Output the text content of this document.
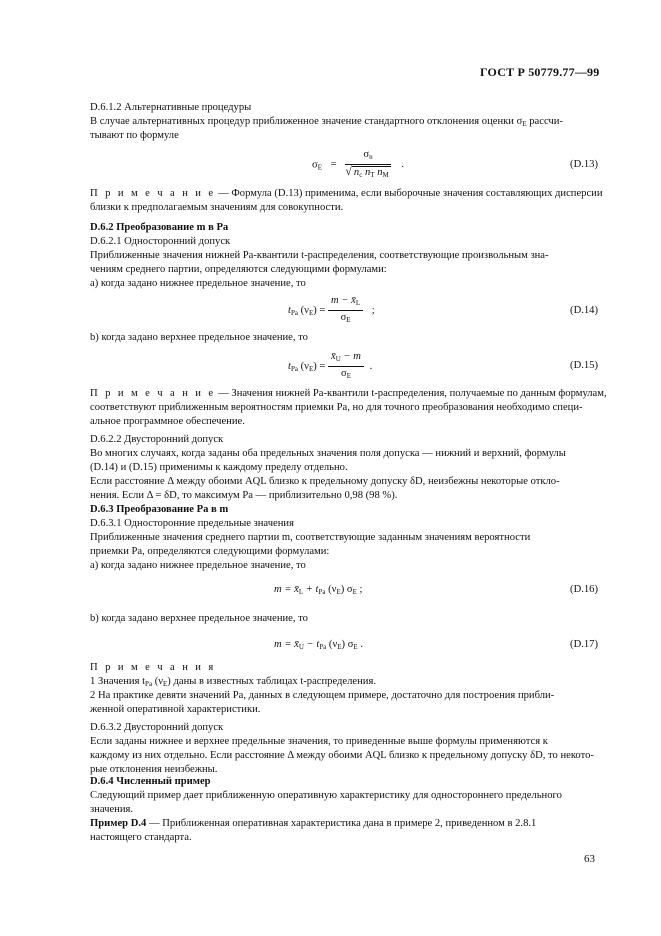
ГОСТ Р 50779.77—99
D.6.1.2 Альтернативные процедуры
В случае альтернативных процедур приближенное значение стандартного отклонения оценки $\sigma_E$ рассчи-
тывают по формуле
$\sigma_E = \frac{\sigma_n}{√ n_c n_T n_M}$ .	(D.13)
П р и м е ч а н и е — Формула (D.13) применима, если выборочные значения составляющих дисперсии
близки к предполагаемым значениям для совокупности.
D.6.2 Преобразование m в Pa
D.6.2.1 Односторонний допуск
Приближенные значения нижней Pa-квантили t-распределения, соответствующие произвольным зна-
чениям среднего партии, определяются следующими формулами:
а) когда задано нижнее предельное значение, то
$t_{Pa}$ $(\nu_E) = \frac{m - x̄_L}{\sigma_E}$ ;	(D.14)
b) когда задано верхнее предельное значение, то
$t_{Pa}$ $(\nu_E) = \frac{x̄_U - m}{\sigma_E}$ .	(D.15)
П р и м е ч а н и е — Значения нижней Pa-квантили t-распределения, получаемые по данным формулам,
соответствуют приближенным вероятностям приемки Pa, но для точного преобразования необходимо специ-
альное программное обеспечение.
D.6.2.2 Двусторонний допуск
Во многих случаях, когда заданы оба предельных значения поля допуска — нижний и верхний, формулы
(D.14) и (D.15) применимы к каждому пределу отдельно.
Если расстояние Δ между обоими AQL близко к предельному допуску δD, неизбежны некоторые откло-
нения. Если Δ = δD, то максимум Pa — приблизительно 0,98 (98 %).
D.6.3 Преобразование Pa в m
D.6.3.1 Односторонние предельные значения
Приближенные значения среднего партии m, соответствующие заданным значениям вероятности
приемки Pa, определяются следующими формулами:
а) когда задано нижнее предельное значение, то
$m = x̄_L + t_{Pa}$ $(\nu_E)$ $\sigma_E$ ;	(D.16)
b) когда задано верхнее предельное значение, то
$m = x̄_U - t_{Pa}$ $(\nu_E)$ $\sigma_E$ .	(D.17)
П р и м е ч а н и я
1 Значения $t_{Pa}$ $(\nu_E)$ даны в известных таблицах t-распределения.
2 На практике девяти значений Pa, данных в следующем примере, достаточно для построения прибли-
женной оперативной характеристики.
D.6.3.2 Двусторонний допуск
Если заданы нижнее и верхнее предельные значения, то приведенные выше формулы применяются к
каждому из них отдельно. Если расстояние Δ между обоими AQL близко к предельному допуску δD, то некото-
рые отклонения неизбежны.
D.6.4 Численный пример
Следующий пример дает приближенную оперативную характеристику для одностороннего предельного
значения.
Пример D.4 — Приближенная оперативная характеристика дана в примере 2, приведенном в 2.8.1
настоящего стандарта.
63
